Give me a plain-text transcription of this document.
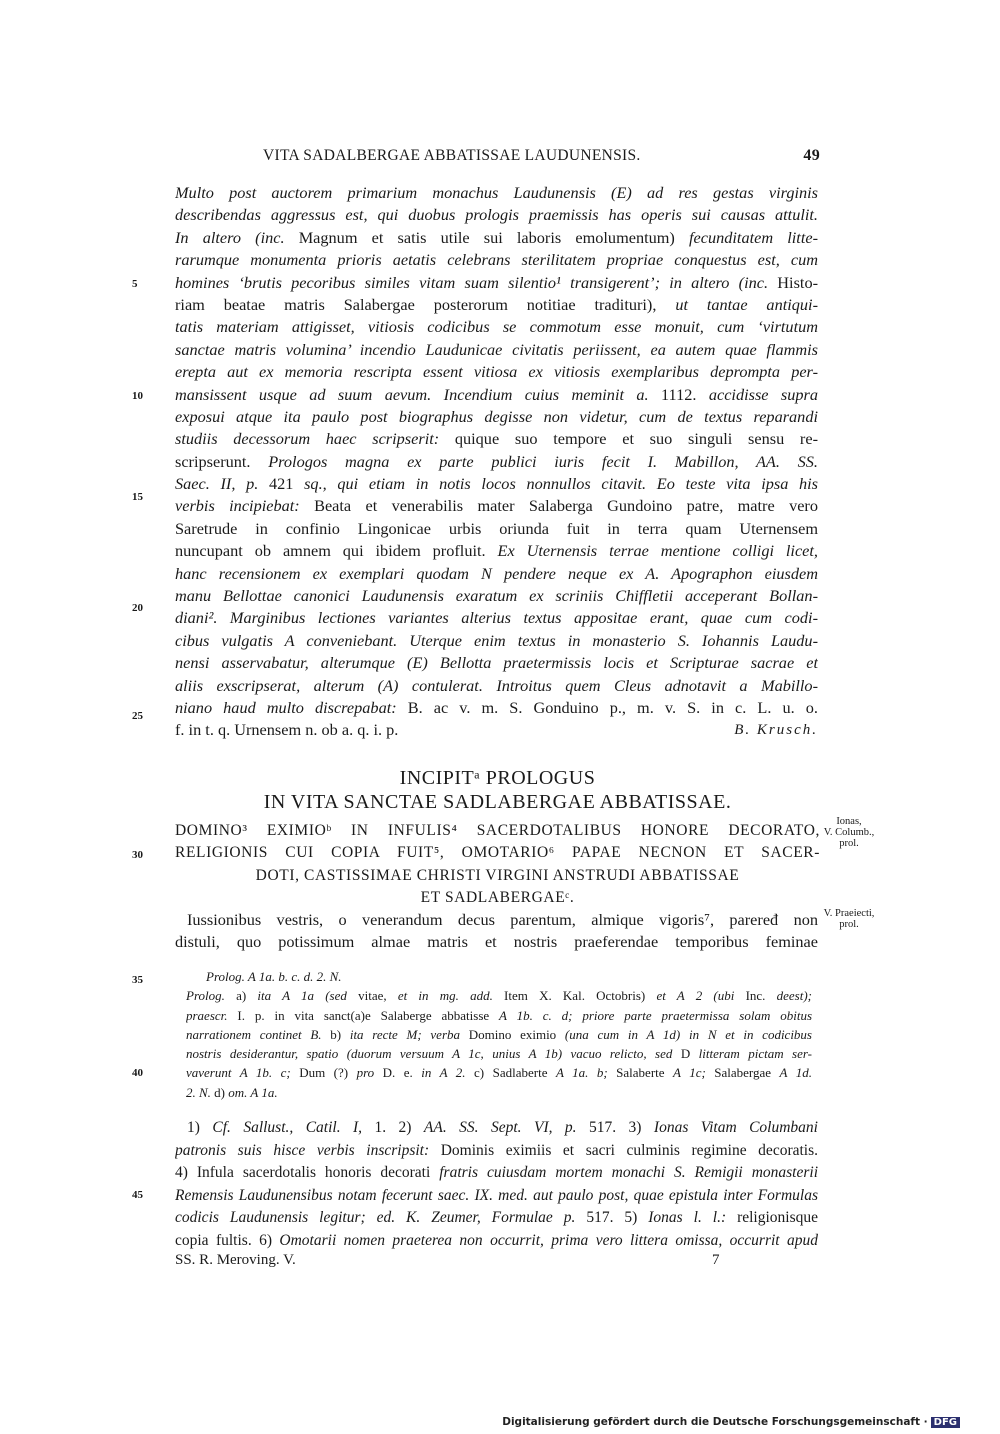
VITA SADALBERGAE ABBATISSAE LAUDUNENSIS.	49
Multo post auctorem primarium monachus Laudunensis (E) ad res gestas virginis
describendas aggressus est, qui duobus prologis praemissis has operis sui causas attulit.
In altero (inc. Magnum et satis utile sui laboris emolumentum) fecunditatem litte-
rarumque monumenta prioris aetatis celebrans sterilitatem propriae conquestus est, cum
homines ‘brutis pecoribus similes vitam suam silentio¹ transigerent’; in altero (inc. Histo-
riam beatae matris Salabergae posterorum notitiae tradituri), ut tantae antiqui-
tatis materiam attigisset, vitiosis codicibus se commotum esse monuit, cum ‘virtutum
sanctae matris volumina’ incendio Laudunicae civitatis periissent, ea autem quae flammis
erepta aut ex memoria rescripta essent vitiosa ex vitiosis exemplaribus deprompta per-
mansissent usque ad suum aevum. Incendium cuius meminit a. 1112. accidisse supra
exposui atque ita paulo post biographus degisse non videtur, cum de textus reparandi
studiis decessorum haec scripserit: quique suo tempore et suo singuli sensu re-
scripserunt. Prologos magna ex parte publici iuris fecit I. Mabillon, AA. SS.
Saec. II, p. 421 sq., qui etiam in notis locos nonnullos citavit. Eo teste vita ipsa his
verbis incipiebat: Beata et venerabilis mater Salaberga Gundoino patre, matre vero
Saretrude in confinio Lingonicae urbis oriunda fuit in terra quam Uternensem
nuncupant ob amnem qui ibidem profluit. Ex Uternensis terrae mentione colligi licet,
hanc recensionem ex exemplari quodam N pendere neque ex A. Apographon eiusdem
manu Bellottae canonici Laudunensis exaratum ex scriniis Chiffletii acceperant Bollan-
diani². Marginibus lectiones variantes alterius textus appositae erant, quae cum codi-
cibus vulgatis A conveniebant. Uterque enim textus in monasterio S. Iohannis Laudu-
nensi asservabatur, alterumque (E) Bellotta praetermissis locis et Scripturae sacrae et
aliis exscripserat, alterum (A) contulerat. Introitus quem Cleus adnotavit a Mabillo-
niano haud multo discrepabat: B. ac v. m. S. Gonduino p., m. v. S. in c. L. u. o.
f. in t. q. Urnensem n. ob a. q. i. p.	B. Krusch.
5
10
15
20
25
30
35
40
45
INCIPITᵃ PROLOGUS
IN VITA SANCTAE SADLABERGAE ABBATISSAE.
DOMINO³ EXIMIOᵇ IN INFULIS⁴ SACERDOTALIBUS HONORE DECORATO,
RELIGIONIS CUI COPIA FUIT⁵, OMOTARIO⁶ PAPAE NECNON ET SACER-
DOTI, CASTISSIMAE CHRISTI VIRGINI ANSTRUDI ABBATISSAE
ET SADLABERGAEᶜ.
Ionas,
V. Columb.,
prol.
V. Praeiecti,
prol.
Iussionibus vestris, o venerandum decus parentum, almique vigoris⁷, pareređ non
distuli, quo potissimum almae matris et nostris praeferendae temporibus feminae
Prolog. A 1a. b. c. d. 2. N.
Prolog. a) ita A 1a (sed vitae, et in mg. add. Item X. Kal. Octobris) et A 2 (ubi Inc. deest);
praescr. I. p. in vita sanct(a)e Salaberge abbatisse A 1b. c. d; priore parte praetermissa solam obitus
narrationem continet B. b) ita recte M; verba Domino eximio (una cum in A 1d) in N et in codicibus
nostris desiderantur, spatio (duorum versuum A 1c, unius A 1b) vacuo relicto, sed D litteram pictam ser-
vaverunt A 1b. c; Dum (?) pro D. e. in A 2. c) Sadlaberte A 1a. b; Salaberte A 1c; Salabergae A 1d.
2. N. d) om. A 1a.
1) Cf. Sallust., Catil. I, 1. 2) AA. SS. Sept. VI, p. 517. 3) Ionas Vitam Columbani
patronis suis hisce verbis inscripsit: Dominis eximiis et sacri culminis regimine decoratis.
4) Infula sacerdotalis honoris decorati fratris cuiusdam mortem monachi S. Remigii monasterii
Remensis Laudunensibus notam fecerunt saec. IX. med. aut paulo post, quae epistula inter Formulas
codicis Laudunensis legitur; ed. K. Zeumer, Formulae p. 517. 5) Ionas l. l.: religionisque
copia fultis. 6) Omotarii nomen praeterea non occurrit, prima vero littera omissa, occurrit apud
SS. R. Meroving. V.	7
Digitalisierung gefördert durch die Deutsche Forschungsgemeinschaft · DFG
